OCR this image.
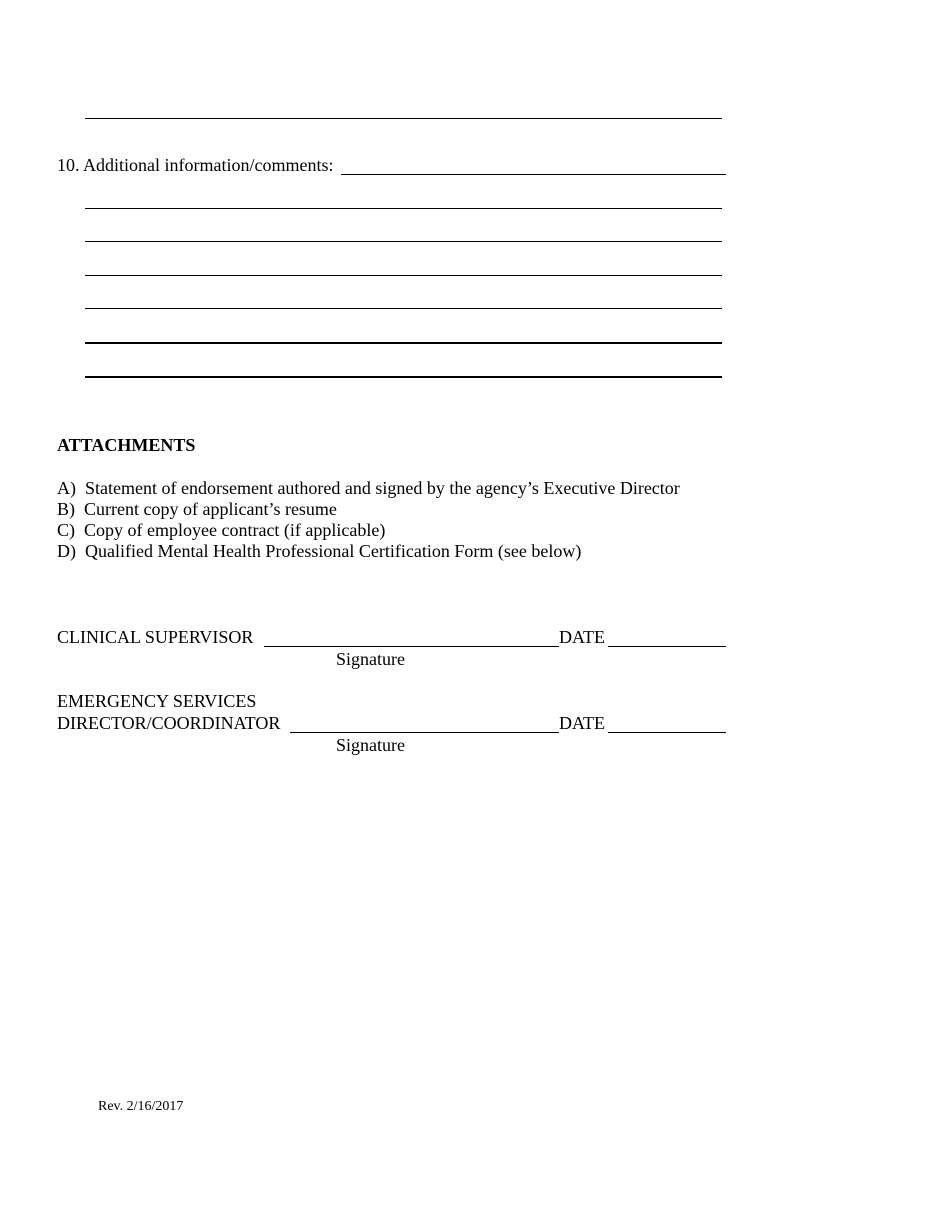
10. Additional information/comments:
ATTACHMENTS
A)  Statement of endorsement authored and signed by the agency’s Executive Director
B)  Current copy of applicant’s resume
C)  Copy of employee contract (if applicable)
D)  Qualified Mental Health Professional Certification Form (see below)
CLINICAL SUPERVISOR	DATE
Signature
EMERGENCY SERVICES
DIRECTOR/COORDINATOR	DATE
Signature
Rev. 2/16/2017
